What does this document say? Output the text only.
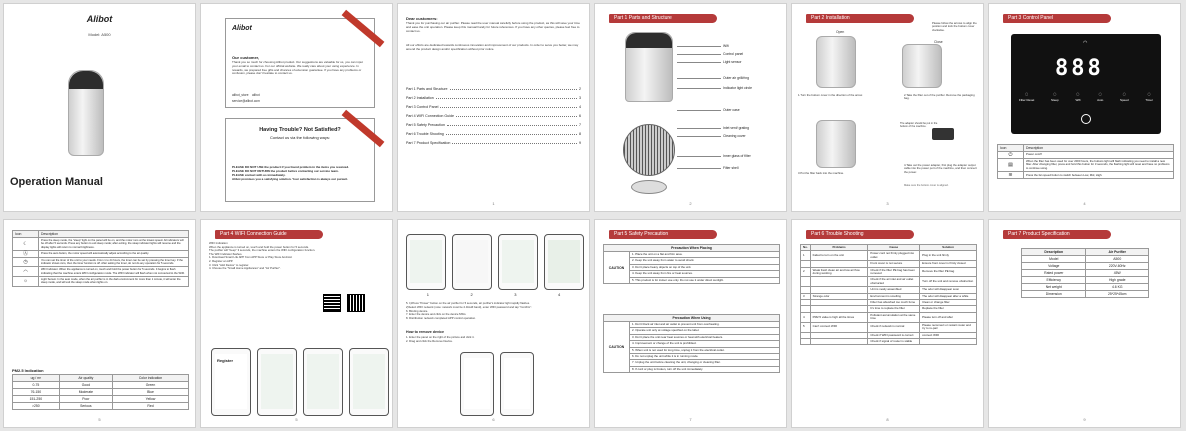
Alibot
Model: A500
Operation Manual
Alibot
Our customer,
Thank you so much for choosing Alibot product. Our suggestions are valuable for us, you can input your email to contact us. For our official website. We really care about your using experience. In rewards, we prepared free gifts and chances of extension guarantee. If you have any problems or confusion, please don't hesitate to contact us.
alibot_store alibot
service@alibot.com
Having Trouble? Not Satisfied?
Contact us via the following ways:
PLEASE DO NOT USE the product if you found problem in the items you received.
PLEASE DO NOT RETURN the product before contacting our service team.
PLEASE contact with us immediately.
Alibot promises you a satisfying solution. Your satisfaction is always our pursuit.
Dear customers:
Thank you for purchasing our air purifier. Please read the user manual carefully before using the product, as this will save your time and ease the unit operation. Please keep this manual handy for future references. If you have any other queries, please feel free to contact us.
All our efforts are dedicated towards continuous innovation and improvement of our products. In order to serve you better, we may amend the product design and/or specification without prior notice.
Part 1 Parts and Structure	2
Part 2 Installation	3
Part 3 Control Panel	4
Part 4 WIFI Connection Guide	6
Part 5 Safety Precaution	7
Part 6 Trouble Shooting	8
Part 7 Product Specification	9
1
Part 1 Parts and Structure
Wifi
Control panel
Light sensor
Outer air grill/ring
Indicator light circle
Outer case
Inlet vent/ grating
Cleaning cover
Inner glass of filter
Filter shell
2
Part 2 Installation
Open
Close
Please follow the arrows to align the position and lock the bottom cover clockwise.
1.Turn the bottom cover in the direction of the arrow.	2.Take the filter out of the purifier. Remove the packaging bag.
3.Put the filter back into the machine.
The adapter should be put in the bottom of the machine.
4.Take out the power adapter, first plug the adapter output cable into the power port of the machine, and then connect the power.
Make sure the bottom cover is aligned.
3
Part 3 Control Panel
◠
888
◌
Filter Reset
◌
Sleep
◌
Wifi
◌
Auto
◌
Speed
◌
Timer
Icon	Description
⏻	Power on/off
▤	When the filter has been used for over 2000 hours, the buttons light will flash indicating you need to install a new filter. After changing filter, press and hold this button for 3 seconds, the flashing light will reset and have no problems to continue using.
≋	Press the fan speed button to switch between Low, Mid, High.
4
Icon	Description
☾	Press the sleep mode, the "sleep" light on the panel will be on, and the motor runs at the lowest speed. All indicators will be off after 5 seconds. Press any button to exit sleep mode; after exiting, the sleep indicator lights will resume and the display lights will return to normal brightness.
Ⓐ	Press the auto button, the motor speed will automatically adjust according to the air quality.
◷	You can set the timer of the unit to your needs. From 1 to 24 hours, the timer can be set by pressing the timer key. If the indicator shows zero, then the timer function is off. After setting the timer, do not do any operation for 5 seconds.
◠	WIFI Indicator. When the appliance is turned on, touch and hold the power button for 5 seconds. It begins to flash indicating that the machine enters WIFI configuration mode. The WIFI indicator will flash when not connected to the WIFI.
☼	Light Sensor. In the auto mode, when the air purifier is in the dark environment for more than 1 minute, it will enter the sleep mode, and will exit the sleep mode when lights on.
PM2.5 Indication
ug / m³	Air quality	Color indication
0-75	Good	Green
76-150	Moderate	Blue
151-250	Poor	Yellow
>250	Serious	Red
5
Part 4 WIFI Connection Guide
WIFI Indication
When the appliance is turned on, touch and hold the power button for 5 seconds.
The purifier will "beep" 3 seconds, the machine enters the WIFI configuration function.
The WIFI indicator flashes.
1. Download Smart Life APP from APP Store or Play Store Android.
2. Register an APP.
3. Click "Add Device" to register.
4. Choose the "Small Home Appliances" and "Air Purifier".
Register
5
1	2	3	4
5. 1)Press "Power" button on the air purifier for 5 seconds, air purifier's indicator light rapidly flashes.
2)Select WIFI network (note: network must be 2.4GHZ band), enter WIFI password and tap "Confirm".
6. Binding device.
7. Enter the device and click on the device MSG.
8. Distribution network completed APP control operation.
How to remove device
1. Enter the panel on the right of the picture and click it.
2. Drag and click the Remove Device.
6
Part 5 Safety Precaution
Precaution When Placing
CAUTION	1. Place the unit on a flat and firm area.
2. Keep the unit away from water to avoid shock.
3. Don't place heavy objects on top of the unit.
4. Keep the unit away from fire or heat sources.
5. This product is for indoor use only. Do not use it under direct sunlight.
Precaution When Using
CAUTION	1. Don't block air inlet and air outlet to prevent unit from overheating.
2. Operate unit only at voltage specified on the label.
3. Don't place the unit near heat sources or heat with electrical heaters.
4. Improvement or change of the unit is prohibited.
5. When unit is not used for long time, unplug it from the electrical outlet.
6. Do not unplug the unit while it is in running mode.
7. Unplug the unit before cleaning the unit, changing or cleaning filter.
8. If cord or plug is broken, turn off the unit immediately.
7
Part 6 Trouble Shooting
No.	Problems	Cause	Solution
1	Failed to turn on the unit	Power cord not firmly plugged into outlet	Plug in the unit firmly
		Front cover is not secure	Ensure front cover is firmly closed
2	Weak fresh clean air and low air flow during working	Check if the filter PE bag has been removed	Remove the filter PE bag
		Check if the air inlet and air outlet obstructed	Turn off the unit and remove obstruction
		Unit is newly assembled	The odor will disappear soon
3	Strange odor	Environment is smelling	The odor will disappear after a while
		Filter has absorbed too much fume	Clean or change filter
		It's time to replace the filter	Replace the filter
4	PM2.5 value is high all the times	Pollutant accumulation at the same time	Please turn off and after
5	Can't connect WIFI	Check if network is normal	Please reconnect or restart router and try to re-pair
		Check if WIFI password is correct	connect WIFI
		Check if signal of router is stable	
8
Part 7 Product Specification
Description	Air Purifier
Model	A500
Voltage	220V-60Hz
Rated power	45W
Efficiency	High grade
Net weight	4.6 KG
Dimension	25*25*45cm
9
